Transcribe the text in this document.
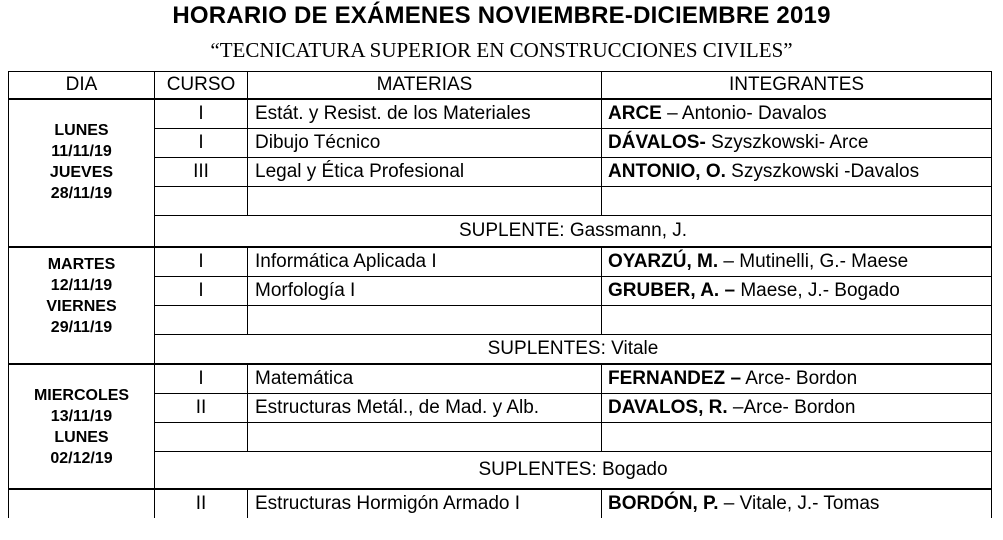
HORARIO DE EXÁMENES NOVIEMBRE-DICIEMBRE 2019
“TECNICATURA SUPERIOR EN CONSTRUCCIONES CIVILES”
DIA	CURSO	MATERIAS	INTEGRANTES

LUNES
11/11/19
JUEVES
28/11/19	I	Estát. y Resist. de los Materiales	ARCE – Antonio- Davalos
	I	Dibujo Técnico	DÁVALOS- Szyszkowski- Arce
	III	Legal y Ética Profesional	ANTONIO, O. Szyszkowski -Davalos

	SUPLENTE: Gassmann, J.		

MARTES
12/11/19
VIERNES
29/11/19	I	Informática Aplicada I	OYARZÚ, M. – Mutinelli, G.- Maese
	I	Morfología I	GRUBER, A. – Maese, J.- Bogado

	SUPLENTES: Vitale		

MIERCOLES
13/11/19
LUNES
02/12/19	I	Matemática	FERNANDEZ – Arce- Bordon
	II	Estructuras Metál., de Mad. y Alb.	DAVALOS, R. –Arce- Bordon

	SUPLENTES: Bogado		
	II	Estructuras Hormigón Armado I	BORDÓN, P. – Vitale, J.- Tomas
